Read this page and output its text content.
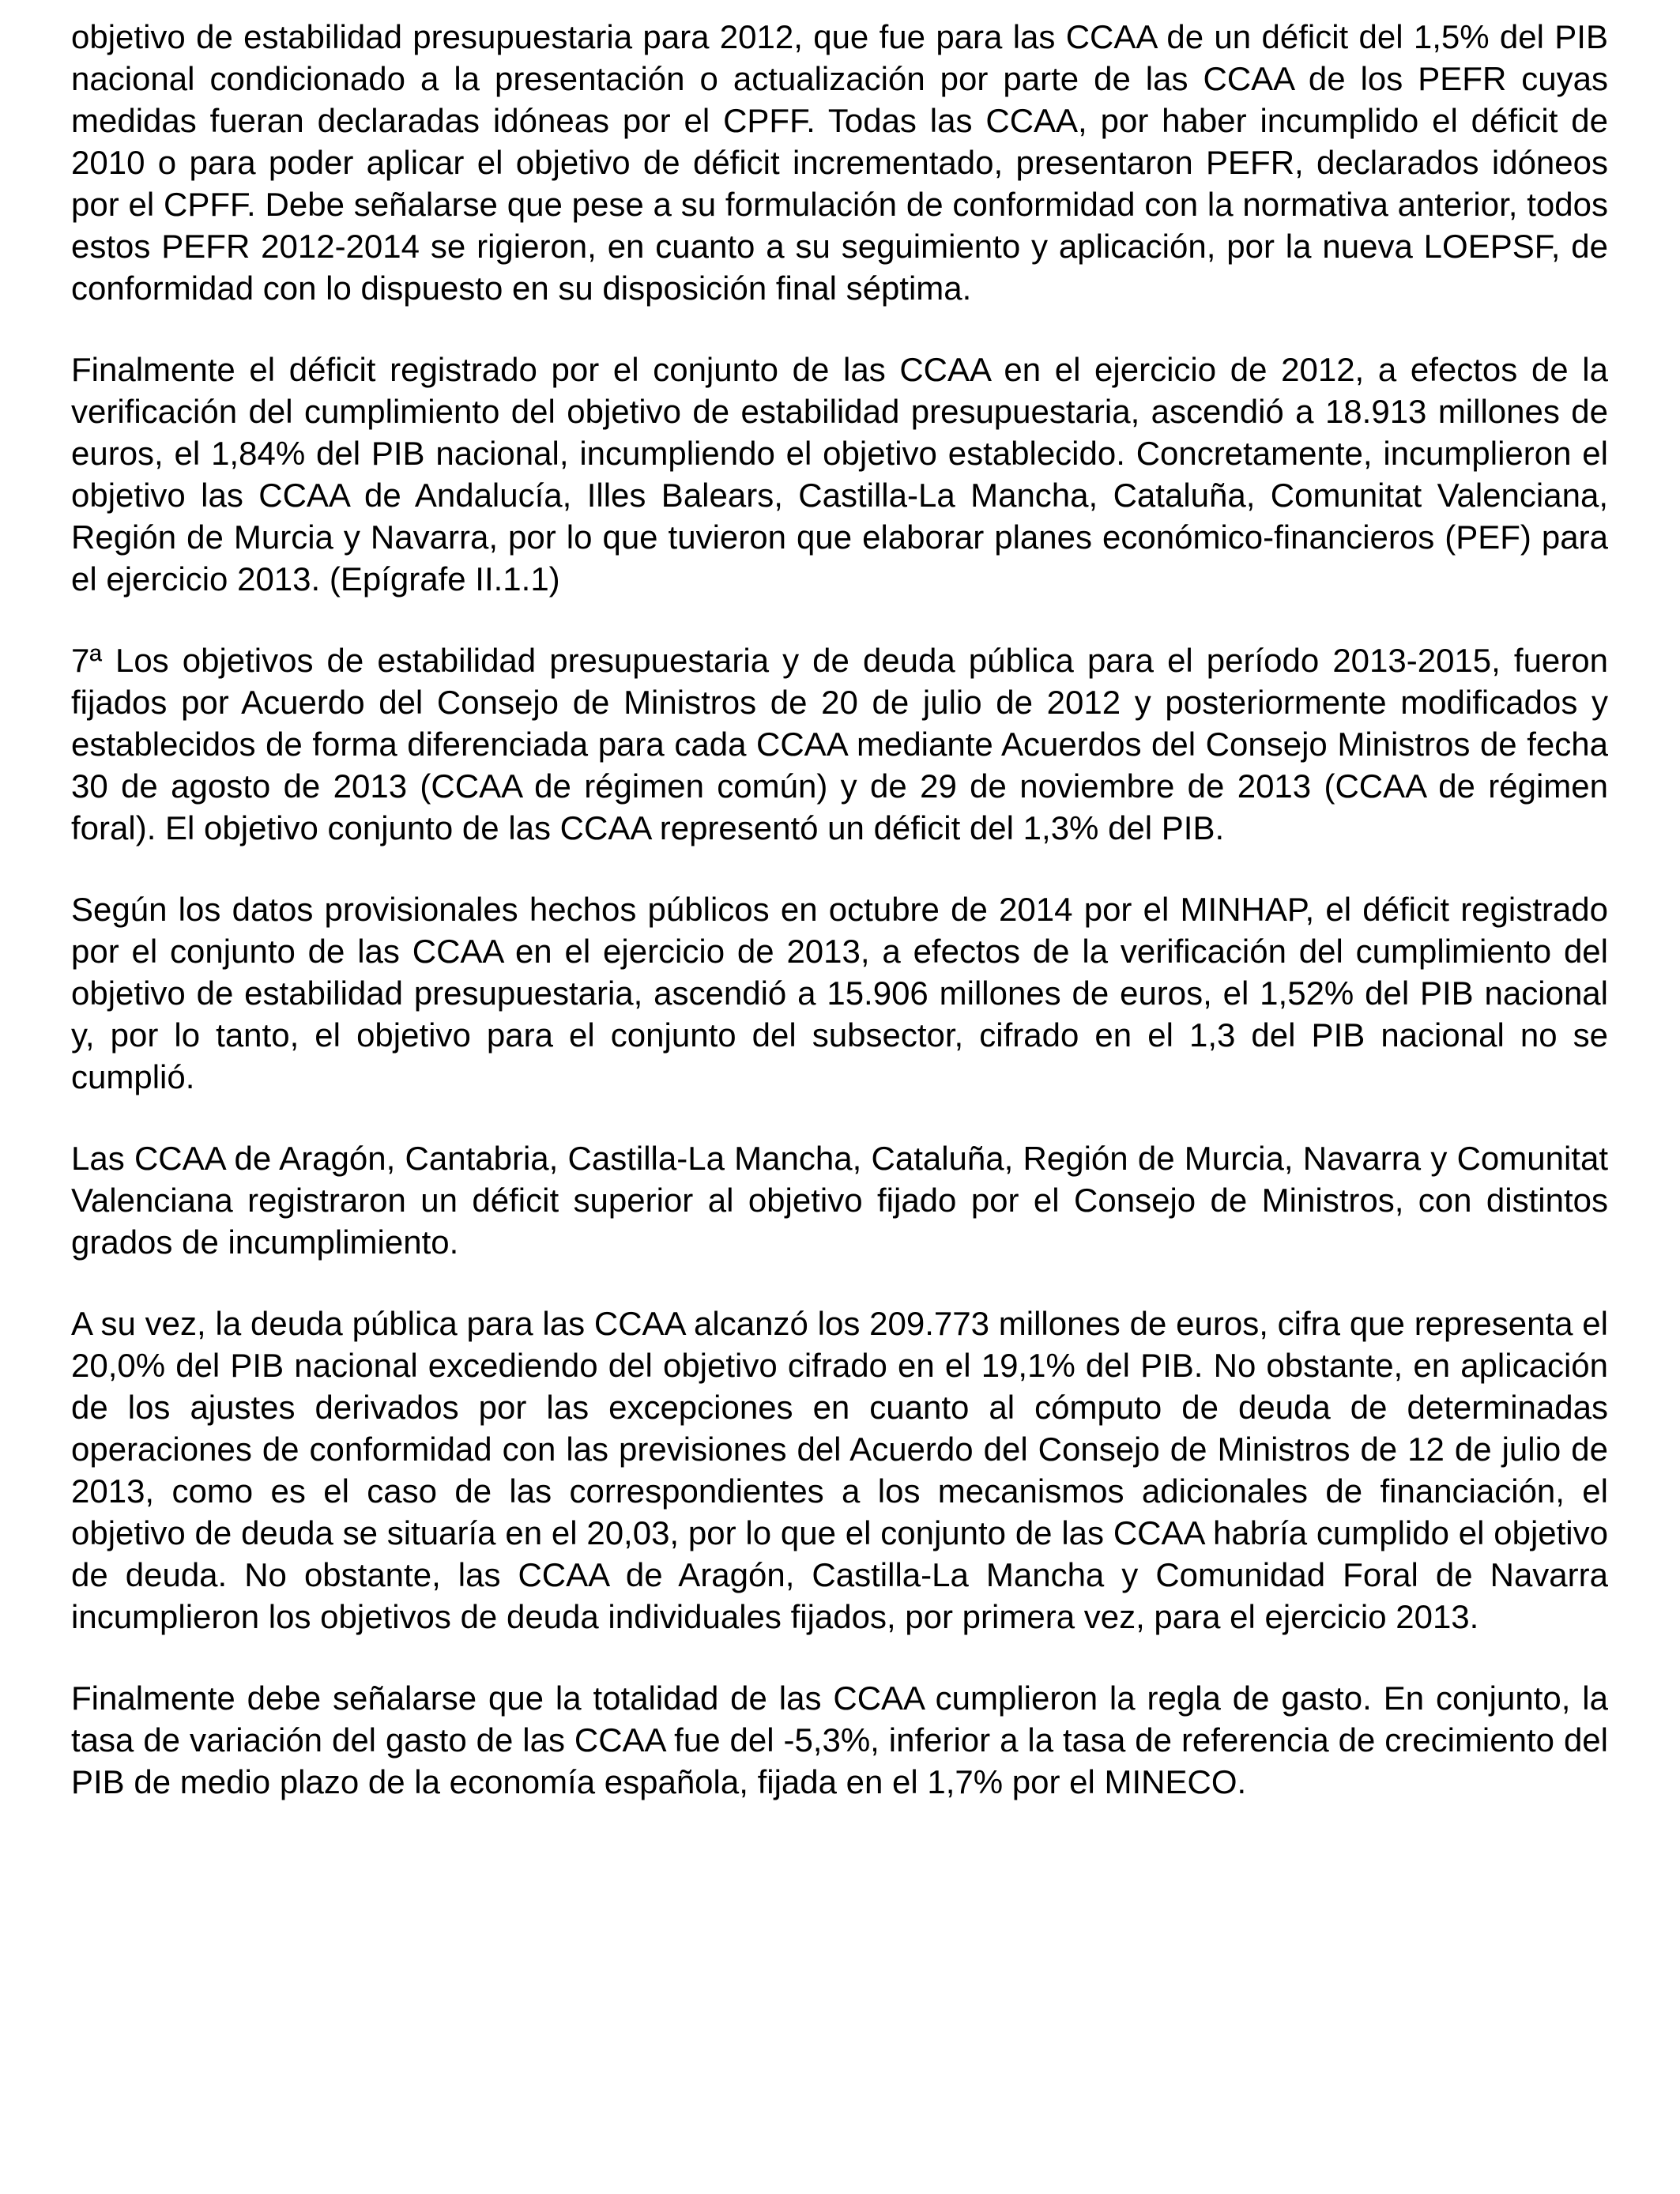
objetivo de estabilidad presupuestaria para 2012, que fue para las CCAA de un déficit del 1,5% del PIB nacional condicionado a la presentación o actualización por parte de las CCAA de los PEFR cuyas medidas fueran declaradas idóneas por el CPFF. Todas las CCAA, por haber incumplido el déficit de 2010 o para poder aplicar el objetivo de déficit incrementado, presentaron PEFR, declarados idóneos por el CPFF. Debe señalarse que pese a su formulación de conformidad con la normativa anterior, todos estos PEFR 2012-2014 se rigieron, en cuanto a su seguimiento y aplicación, por la nueva LOEPSF, de conformidad con lo dispuesto en su disposición final séptima.

Finalmente el déficit registrado por el conjunto de las CCAA en el ejercicio de 2012, a efectos de la verificación del cumplimiento del objetivo de estabilidad presupuestaria, ascendió a 18.913 millones de euros, el 1,84% del PIB nacional, incumpliendo el objetivo establecido. Concretamente, incumplieron el objetivo las CCAA de Andalucía, Illes Balears, Castilla-La Mancha, Cataluña, Comunitat Valenciana, Región de Murcia y Navarra, por lo que tuvieron que elaborar planes económico-financieros (PEF) para el ejercicio 2013. (Epígrafe II.1.1)

7ª Los objetivos de estabilidad presupuestaria y de deuda pública para el período 2013-2015, fueron fijados por Acuerdo del Consejo de Ministros de 20 de julio de 2012 y posteriormente modificados y establecidos de forma diferenciada para cada CCAA mediante Acuerdos del Consejo Ministros de fecha 30 de agosto de 2013 (CCAA de régimen común) y de 29 de noviembre de 2013 (CCAA de régimen foral). El objetivo conjunto de las CCAA representó un déficit del 1,3% del PIB.

Según los datos provisionales hechos públicos en octubre de 2014 por el MINHAP, el déficit registrado por el conjunto de las CCAA en el ejercicio de 2013, a efectos de la verificación del cumplimiento del objetivo de estabilidad presupuestaria, ascendió a 15.906 millones de euros, el 1,52% del PIB nacional y, por lo tanto, el objetivo para el conjunto del subsector, cifrado en el 1,3 del PIB nacional no se cumplió.

Las CCAA de Aragón, Cantabria, Castilla-La Mancha, Cataluña, Región de Murcia, Navarra y Comunitat Valenciana registraron un déficit superior al objetivo fijado por el Consejo de Ministros, con distintos grados de incumplimiento.

A su vez, la deuda pública para las CCAA alcanzó los 209.773 millones de euros, cifra que representa el 20,0% del PIB nacional excediendo del objetivo cifrado en el 19,1% del PIB. No obstante, en aplicación de los ajustes derivados por las excepciones en cuanto al cómputo de deuda de determinadas operaciones de conformidad con las previsiones del Acuerdo del Consejo de Ministros de 12 de julio de 2013, como es el caso de las correspondientes a los mecanismos adicionales de financiación, el objetivo de deuda se situaría en el 20,03, por lo que el conjunto de las CCAA habría cumplido el objetivo de deuda. No obstante, las CCAA de Aragón, Castilla-La Mancha y Comunidad Foral de Navarra incumplieron los objetivos de deuda individuales fijados, por primera vez, para el ejercicio 2013.

Finalmente debe señalarse que la totalidad de las CCAA cumplieron la regla de gasto. En conjunto, la tasa de variación del gasto de las CCAA fue del -5,3%, inferior a la tasa de referencia de crecimiento del PIB de medio plazo de la economía española, fijada en el 1,7% por el MINECO.
